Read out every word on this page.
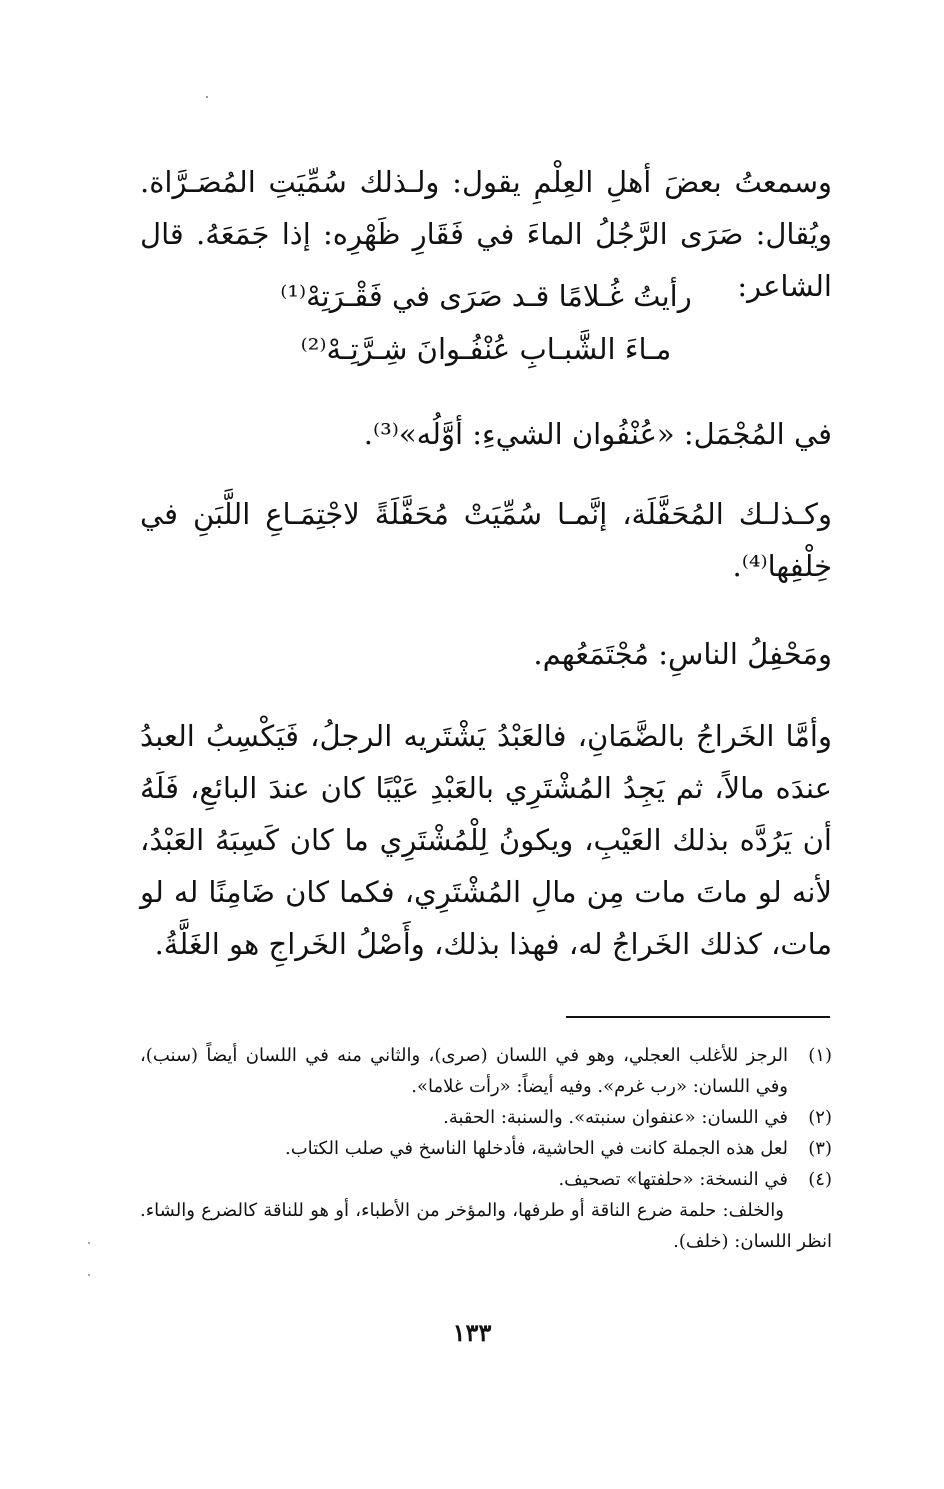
وسمعتُ بعضَ أهلِ العِلْمِ يقول: ولـذلك سُمِّيَتِ المُصَـرَّاة. ويُقال: صَرَى الرَّجُلُ الماءَ في فَقَارِ ظَهْرِه: إذا جَمَعَهُ. قال الشاعر:

رأيتُ غُـلامًا قـد صَرَى في فَقْـرَتِهْ⁽¹⁾

مـاءَ الشَّبـابِ عُنْفُـوانَ شِـرَّتِـهْ⁽²⁾

في المُجْمَل: «عُنْفُوان الشيءِ: أوَّلُه»⁽³⁾.

وكـذلـك المُحَفَّلَة، إنَّمـا سُمِّيَتْ مُحَفَّلَةً لاجْتِمَـاعِ اللَّبَنِ في خِلْفِها⁽⁴⁾.

ومَحْفِلُ الناسِ: مُجْتَمَعُهم.

وأمَّا الخَراجُ بالضَّمَانِ، فالعَبْدُ يَشْتَريه الرجلُ، فَيَكْسِبُ العبدُ عندَه مالاً، ثم يَجِدُ المُشْتَرِي بالعَبْدِ عَيْبًا كان عندَ البائعِ، فَلَهُ أن يَرُدَّه بذلك العَيْبِ، ويكونُ لِلْمُشْتَرِي ما كان كَسِبَهُ العَبْدُ، لأنه لو ماتَ مات مِن مالِ المُشْتَرِي، فكما كان ضَامِنًا له لو مات، كذلك الخَراجُ له، فهذا بذلك، وأَصْلُ الخَراجِ هو الغَلَّةُ.

(١)
الرجز للأغلب العجلي، وهو في اللسان (صرى)، والثاني منه في اللسان أيضاً (سنب)، وفي اللسان: «رب غرم». وفيه أيضاً: «رأت غلاما».
(٢)
في اللسان: «عنفوان سنبته». والسنبة: الحقبة.
(٣)
لعل هذه الجملة كانت في الحاشية، فأدخلها الناسخ في صلب الكتاب.
(٤)
في النسخة: «حلفتها» تصحيف.
والخلف: حلمة ضرع الناقة أو طرفها، والمؤخر من الأطباء، أو هو للناقة كالضرع والشاء. انظر اللسان: (خلف).
١٣٣
